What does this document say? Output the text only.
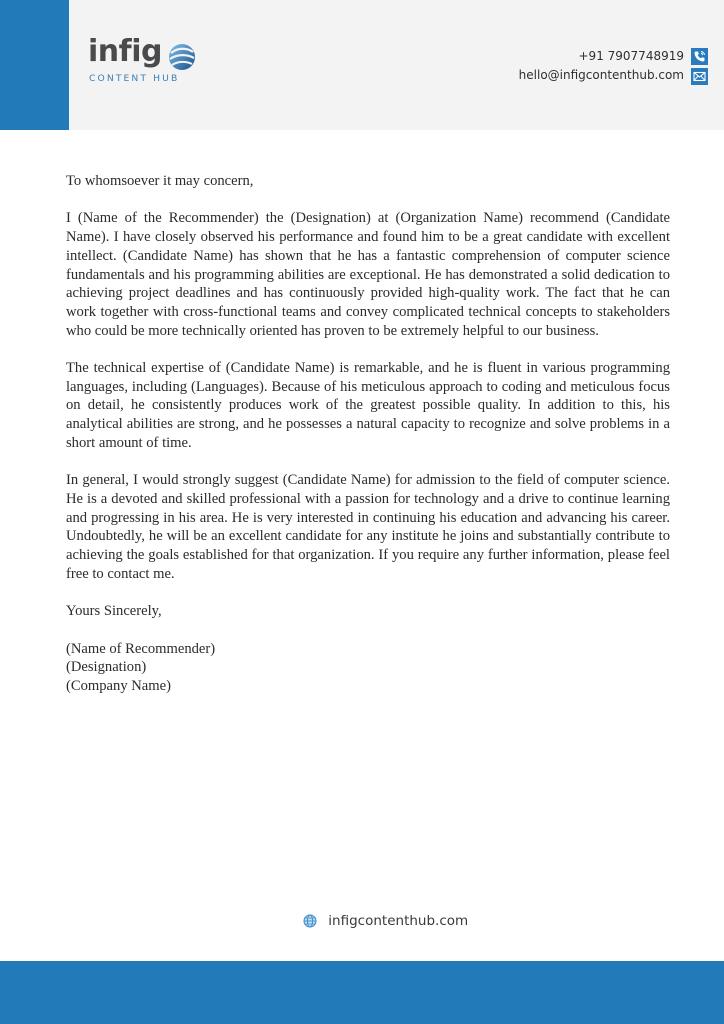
infig
CONTENT HUB
+91 7907748919
hello@infigcontenthub.com

To whomsoever it may concern,

I (Name of the Recommender) the (Designation) at (Organization Name) recommend (Candidate Name). I have closely observed his performance and found him to be a great candidate with excellent intellect. (Candidate Name) has shown that he has a fantastic comprehension of computer science fundamentals and his programming abilities are exceptional. He has demonstrated a solid dedication to achieving project deadlines and has continuously provided high-quality work. The fact that he can work together with cross-functional teams and convey complicated technical concepts to stakeholders who could be more technically oriented has proven to be extremely helpful to our business.

The technical expertise of (Candidate Name) is remarkable, and he is fluent in various programming languages, including (Languages). Because of his meticulous approach to coding and meticulous focus on detail, he consistently produces work of the greatest possible quality. In addition to this, his analytical abilities are strong, and he possesses a natural capacity to recognize and solve problems in a short amount of time.

In general, I would strongly suggest (Candidate Name) for admission to the field of computer science. He is a devoted and skilled professional with a passion for technology and a drive to continue learning and progressing in his area. He is very interested in continuing his education and advancing his career. Undoubtedly, he will be an excellent candidate for any institute he joins and substantially contribute to achieving the goals established for that organization. If you require any further information, please feel free to contact me.

Yours Sincerely,

(Name of Recommender)

(Designation)

(Company Name)

infigcontenthub.com
